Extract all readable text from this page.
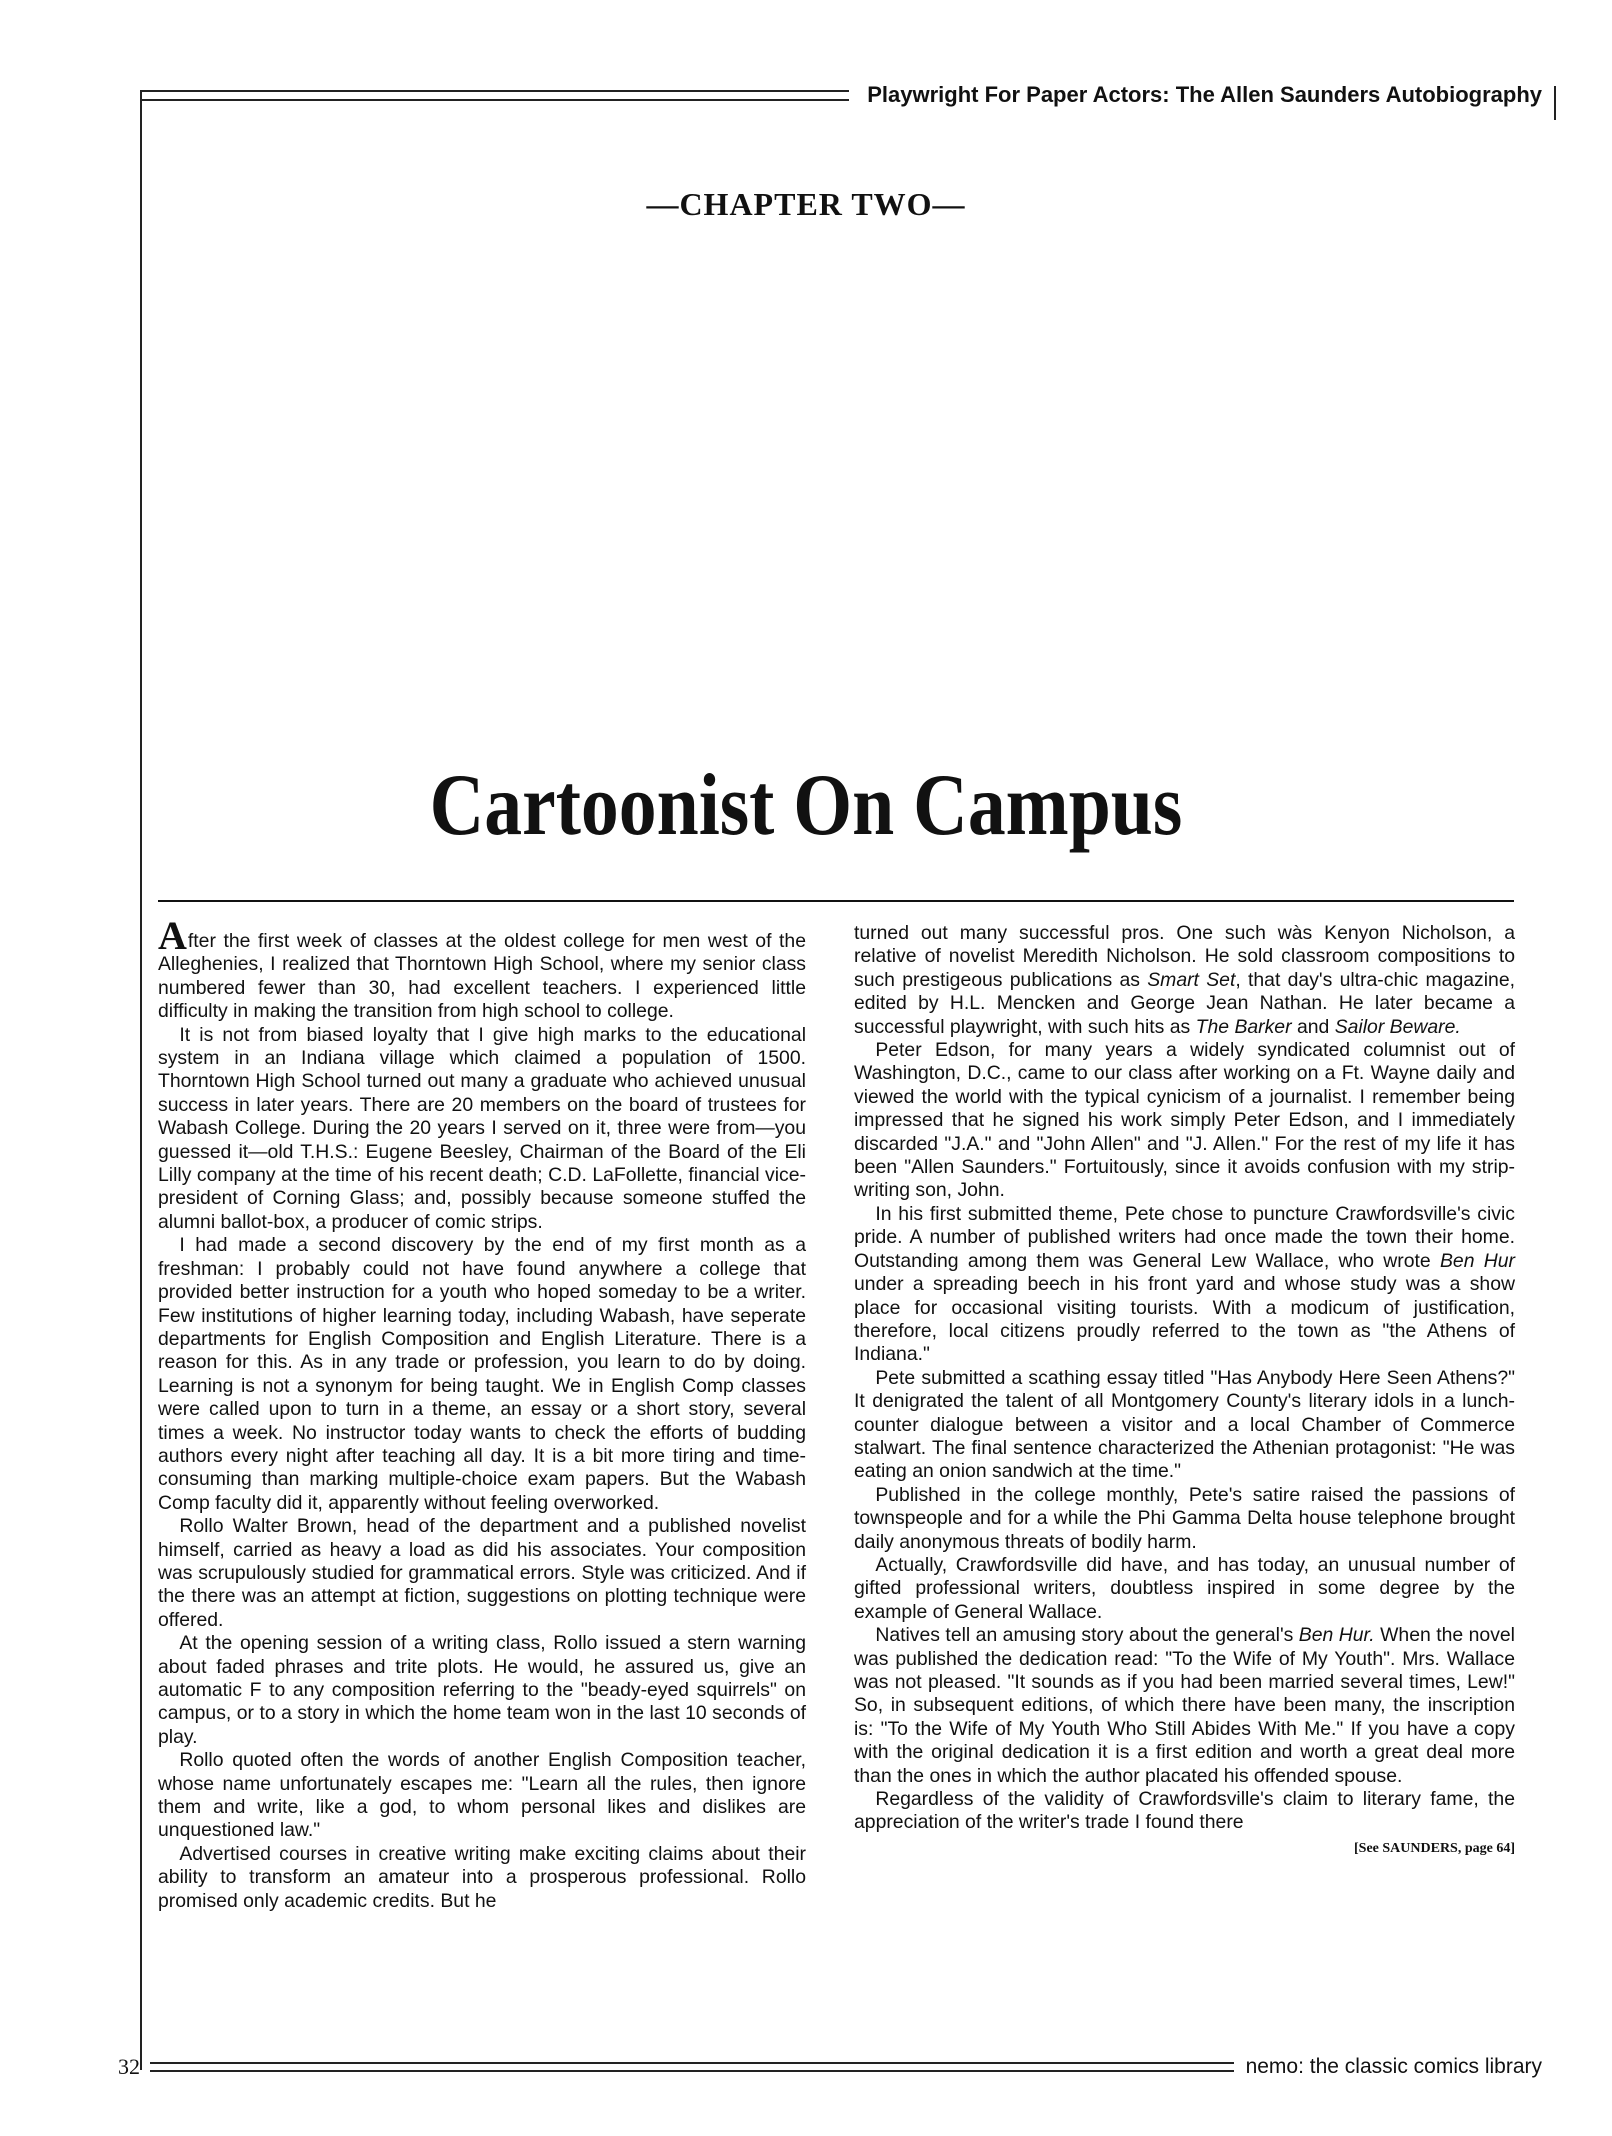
Playwright For Paper Actors: The Allen Saunders Autobiography
—CHAPTER TWO—
Cartoonist On Campus

After the first week of classes at the oldest college for men west of the Alleghenies, I realized that Thorntown High School, where my senior class numbered fewer than 30, had excellent teachers. I experienced little difficulty in making the transition from high school to college.

It is not from biased loyalty that I give high marks to the educational system in an Indiana village which claimed a population of 1500. Thorntown High School turned out many a graduate who achieved unusual success in later years. There are 20 members on the board of trustees for Wabash College. During the 20 years I served on it, three were from—you guessed it—old T.H.S.: Eugene Beesley, Chairman of the Board of the Eli Lilly company at the time of his recent death; C.D. LaFollette, financial vice-president of Corning Glass; and, possibly because someone stuffed the alumni ballot-box, a producer of comic strips.

I had made a second discovery by the end of my first month as a freshman: I probably could not have found anywhere a college that provided better instruction for a youth who hoped someday to be a writer. Few institutions of higher learning today, including Wabash, have seperate departments for English Composition and English Literature. There is a reason for this. As in any trade or profession, you learn to do by doing. Learning is not a synonym for being taught. We in English Comp classes were called upon to turn in a theme, an essay or a short story, several times a week. No instructor today wants to check the efforts of budding authors every night after teaching all day. It is a bit more tiring and time-consuming than marking multiple-choice exam papers. But the Wabash Comp faculty did it, apparently without feeling overworked.

Rollo Walter Brown, head of the department and a published novelist himself, carried as heavy a load as did his associates. Your composition was scrupulously studied for grammatical errors. Style was criticized. And if the there was an attempt at fiction, suggestions on plotting technique were offered.

At the opening session of a writing class, Rollo issued a stern warning about faded phrases and trite plots. He would, he assured us, give an automatic F to any composition referring to the "beady-eyed squirrels" on campus, or to a story in which the home team won in the last 10 seconds of play.

Rollo quoted often the words of another English Composition teacher, whose name unfortunately escapes me: "Learn all the rules, then ignore them and write, like a god, to whom personal likes and dislikes are unquestioned law."

Advertised courses in creative writing make exciting claims about their ability to transform an amateur into a prosperous professional. Rollo promised only academic credits. But he

turned out many successful pros. One such wàs Kenyon Nicholson, a relative of novelist Meredith Nicholson. He sold classroom compositions to such prestigeous publications as Smart Set, that day's ultra-chic magazine, edited by H.L. Mencken and George Jean Nathan. He later became a successful playwright, with such hits as The Barker and Sailor Beware.

Peter Edson, for many years a widely syndicated columnist out of Washington, D.C., came to our class after working on a Ft. Wayne daily and viewed the world with the typical cynicism of a journalist. I remember being impressed that he signed his work simply Peter Edson, and I immediately discarded "J.A." and "John Allen" and "J. Allen." For the rest of my life it has been "Allen Saunders." Fortuitously, since it avoids confusion with my strip-writing son, John.

In his first submitted theme, Pete chose to puncture Crawfordsville's civic pride. A number of published writers had once made the town their home. Outstanding among them was General Lew Wallace, who wrote Ben Hur under a spreading beech in his front yard and whose study was a show place for occasional visiting tourists. With a modicum of justification, therefore, local citizens proudly referred to the town as "the Athens of Indiana."

Pete submitted a scathing essay titled "Has Anybody Here Seen Athens?" It denigrated the talent of all Montgomery County's literary idols in a lunch-counter dialogue between a visitor and a local Chamber of Commerce stalwart. The final sentence characterized the Athenian protagonist: "He was eating an onion sandwich at the time."

Published in the college monthly, Pete's satire raised the passions of townspeople and for a while the Phi Gamma Delta house telephone brought daily anonymous threats of bodily harm.

Actually, Crawfordsville did have, and has today, an unusual number of gifted professional writers, doubtless inspired in some degree by the example of General Wallace.

Natives tell an amusing story about the general's Ben Hur. When the novel was published the dedication read: "To the Wife of My Youth". Mrs. Wallace was not pleased. "It sounds as if you had been married several times, Lew!" So, in subsequent editions, of which there have been many, the inscription is: "To the Wife of My Youth Who Still Abides With Me." If you have a copy with the original dedication it is a first edition and worth a great deal more than the ones in which the author placated his offended spouse.

Regardless of the validity of Crawfordsville's claim to literary fame, the appreciation of the writer's trade I found there

[See SAUNDERS, page 64]
32	nemo: the classic comics library
